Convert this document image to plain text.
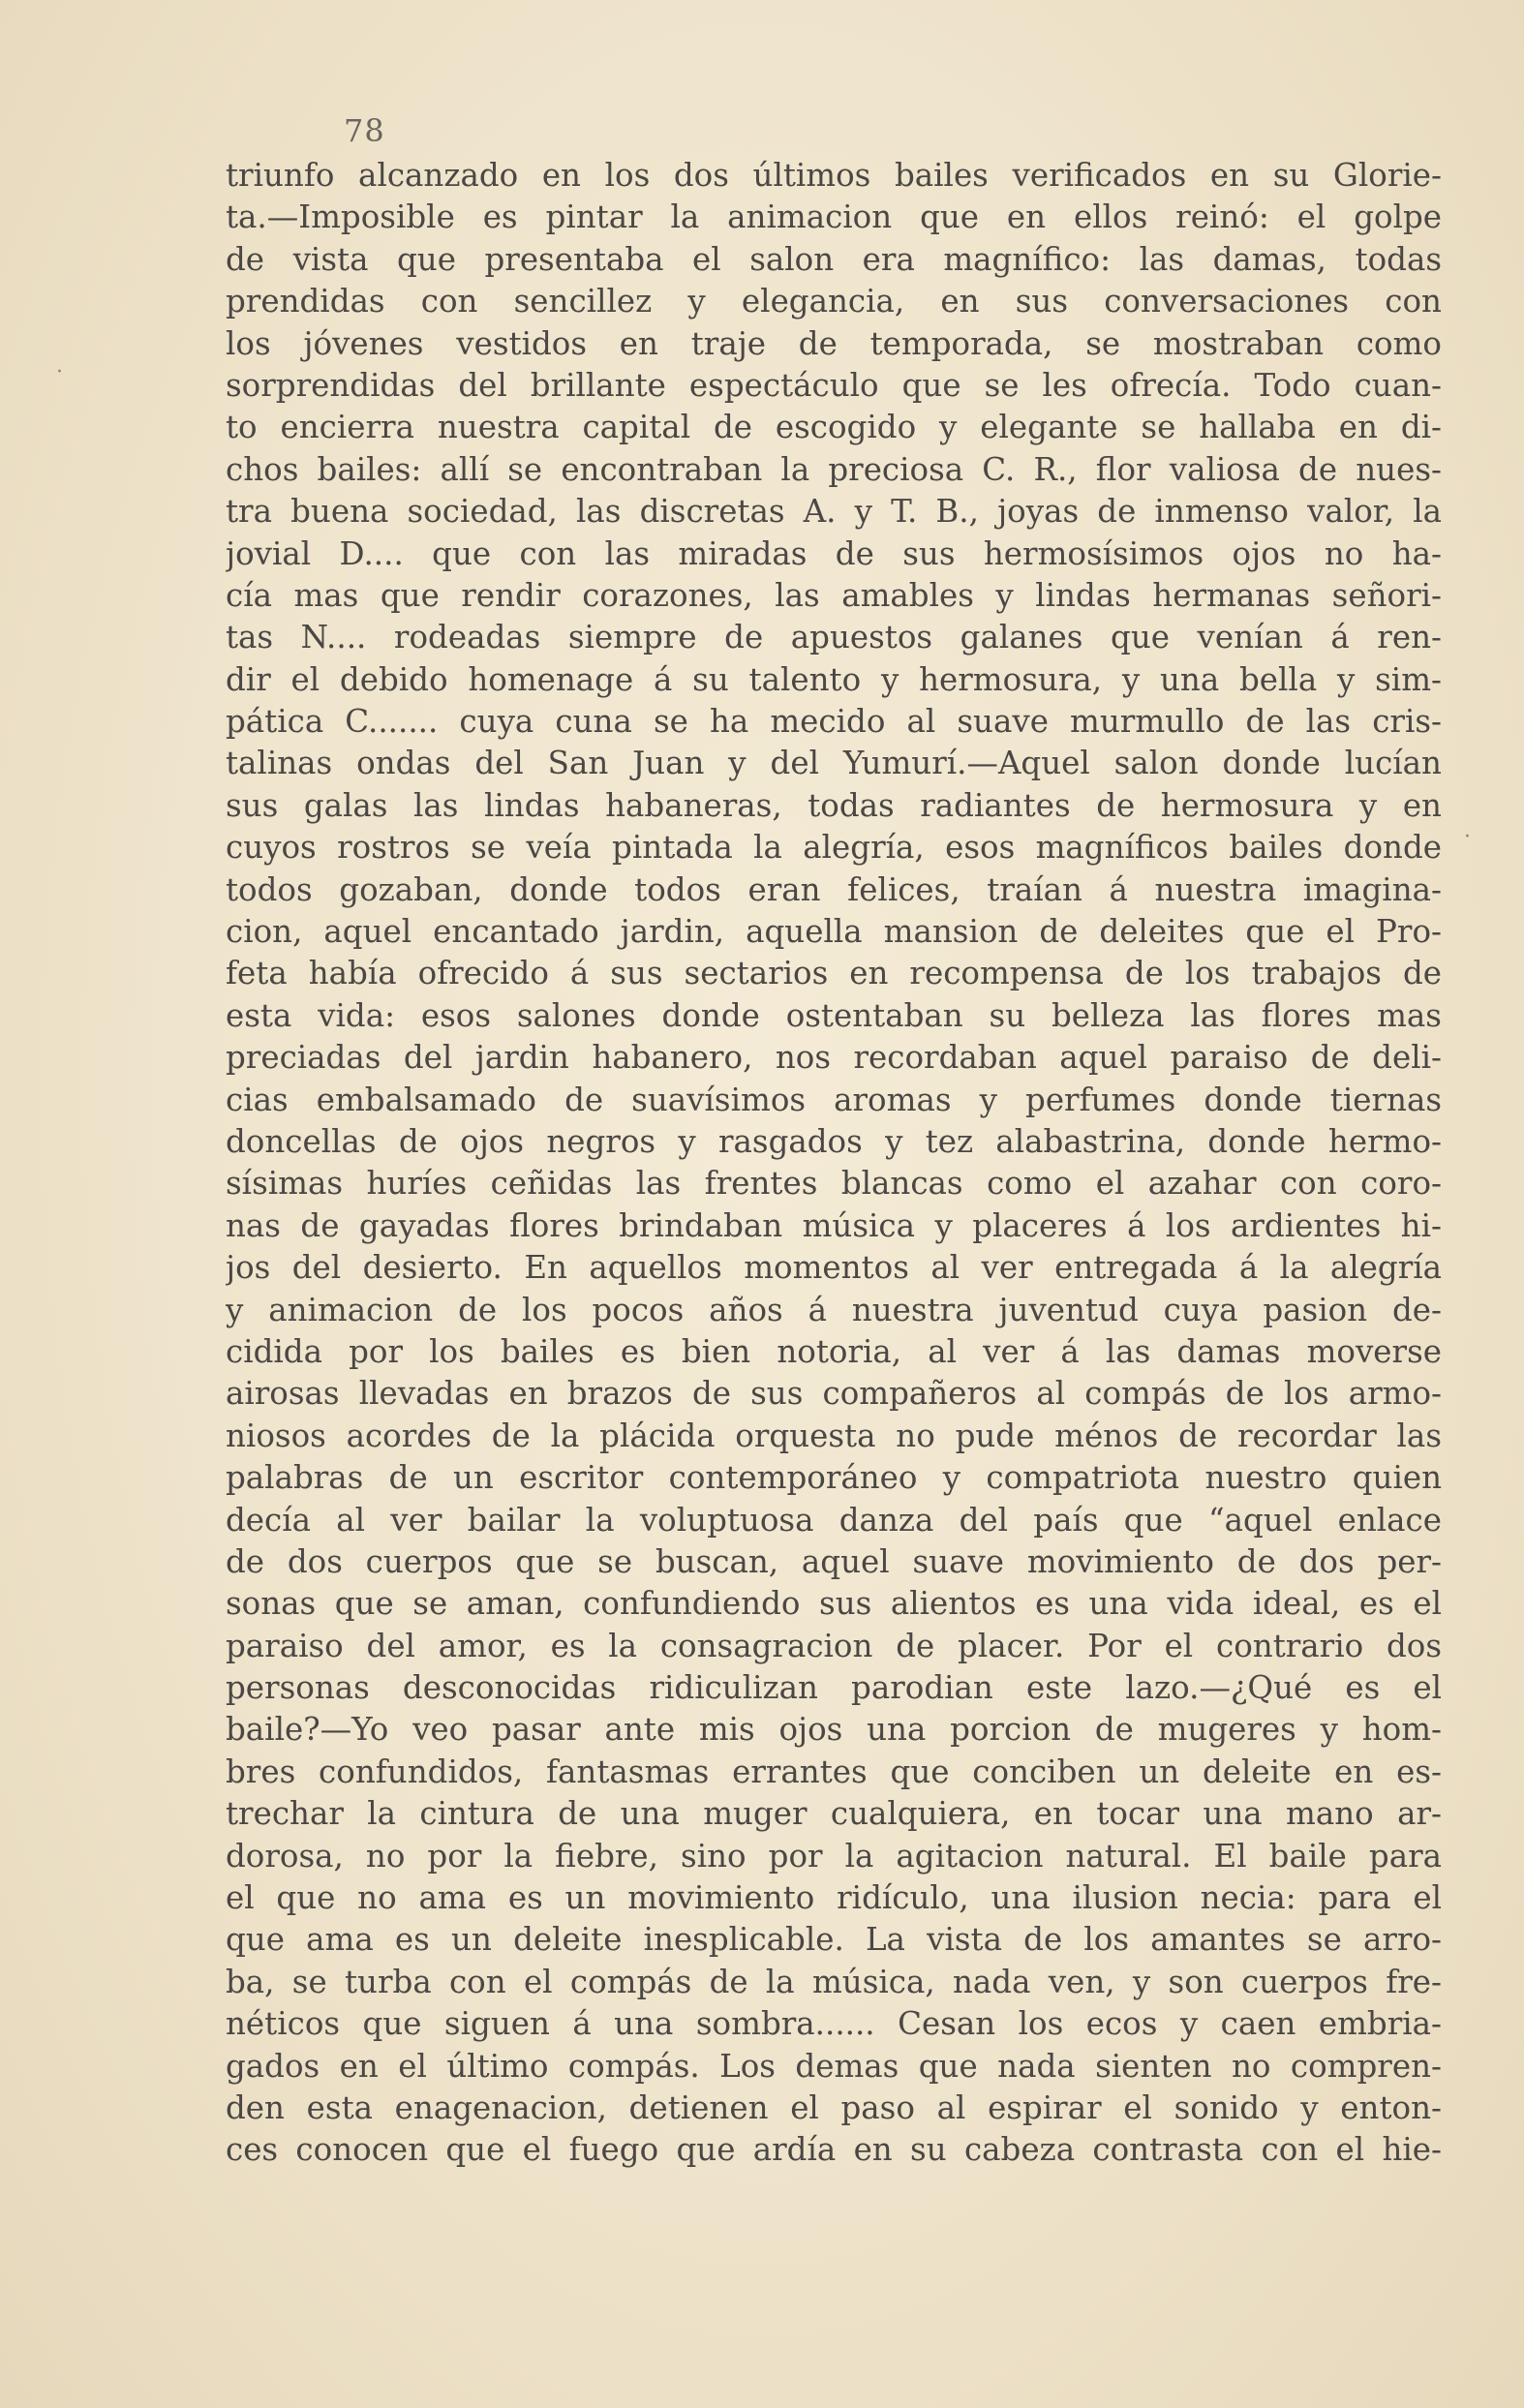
78
·
·
triunfo alcanzado en los dos últimos bailes verificados en su Glorie-
ta.—Imposible es pintar la animacion que en ellos reinó: el golpe
de vista que presentaba el salon era magnífico: las damas, todas
prendidas con sencillez y elegancia, en sus conversaciones con
los jóvenes vestidos en traje de temporada, se mostraban como
sorprendidas del brillante espectáculo que se les ofrecía. Todo cuan-
to encierra nuestra capital de escogido y elegante se hallaba en di-
chos bailes: allí se encontraban la preciosa C. R., flor valiosa de nues-
tra buena sociedad, las discretas A. y T. B., joyas de inmenso valor, la
jovial D.... que con las miradas de sus hermosísimos ojos no ha-
cía mas que rendir corazones, las amables y lindas hermanas señori-
tas N.... rodeadas siempre de apuestos galanes que venían á ren-
dir el debido homenage á su talento y hermosura, y una bella y sim-
pática C....... cuya cuna se ha mecido al suave murmullo de las cris-
talinas ondas del San Juan y del Yumurí.—Aquel salon donde lucían
sus galas las lindas habaneras, todas radiantes de hermosura y en
cuyos rostros se veía pintada la alegría, esos magníficos bailes donde
todos gozaban, donde todos eran felices, traían á nuestra imagina-
cion, aquel encantado jardin, aquella mansion de deleites que el Pro-
feta había ofrecido á sus sectarios en recompensa de los trabajos de
esta vida: esos salones donde ostentaban su belleza las flores mas
preciadas del jardin habanero, nos recordaban aquel paraiso de deli-
cias embalsamado de suavísimos aromas y perfumes donde tiernas
doncellas de ojos negros y rasgados y tez alabastrina, donde hermo-
sísimas huríes ceñidas las frentes blancas como el azahar con coro-
nas de gayadas flores brindaban música y placeres á los ardientes hi-
jos del desierto. En aquellos momentos al ver entregada á la alegría
y animacion de los pocos años á nuestra juventud cuya pasion de-
cidida por los bailes es bien notoria, al ver á las damas moverse
airosas llevadas en brazos de sus compañeros al compás de los armo-
niosos acordes de la plácida orquesta no pude ménos de recordar las
palabras de un escritor contemporáneo y compatriota nuestro quien
decía al ver bailar la voluptuosa danza del país que “aquel enlace
de dos cuerpos que se buscan, aquel suave movimiento de dos per-
sonas que se aman, confundiendo sus alientos es una vida ideal, es el
paraiso del amor, es la consagracion de placer. Por el contrario dos
personas desconocidas ridiculizan parodian este lazo.—¿Qué es el
baile?—Yo veo pasar ante mis ojos una porcion de mugeres y hom-
bres confundidos, fantasmas errantes que conciben un deleite en es-
trechar la cintura de una muger cualquiera, en tocar una mano ar-
dorosa, no por la fiebre, sino por la agitacion natural. El baile para
el que no ama es un movimiento ridículo, una ilusion necia: para el
que ama es un deleite inesplicable. La vista de los amantes se arro-
ba, se turba con el compás de la música, nada ven, y son cuerpos fre-
néticos que siguen á una sombra...... Cesan los ecos y caen embria-
gados en el último compás. Los demas que nada sienten no compren-
den esta enagenacion, detienen el paso al espirar el sonido y enton-
ces conocen que el fuego que ardía en su cabeza contrasta con el hie-
